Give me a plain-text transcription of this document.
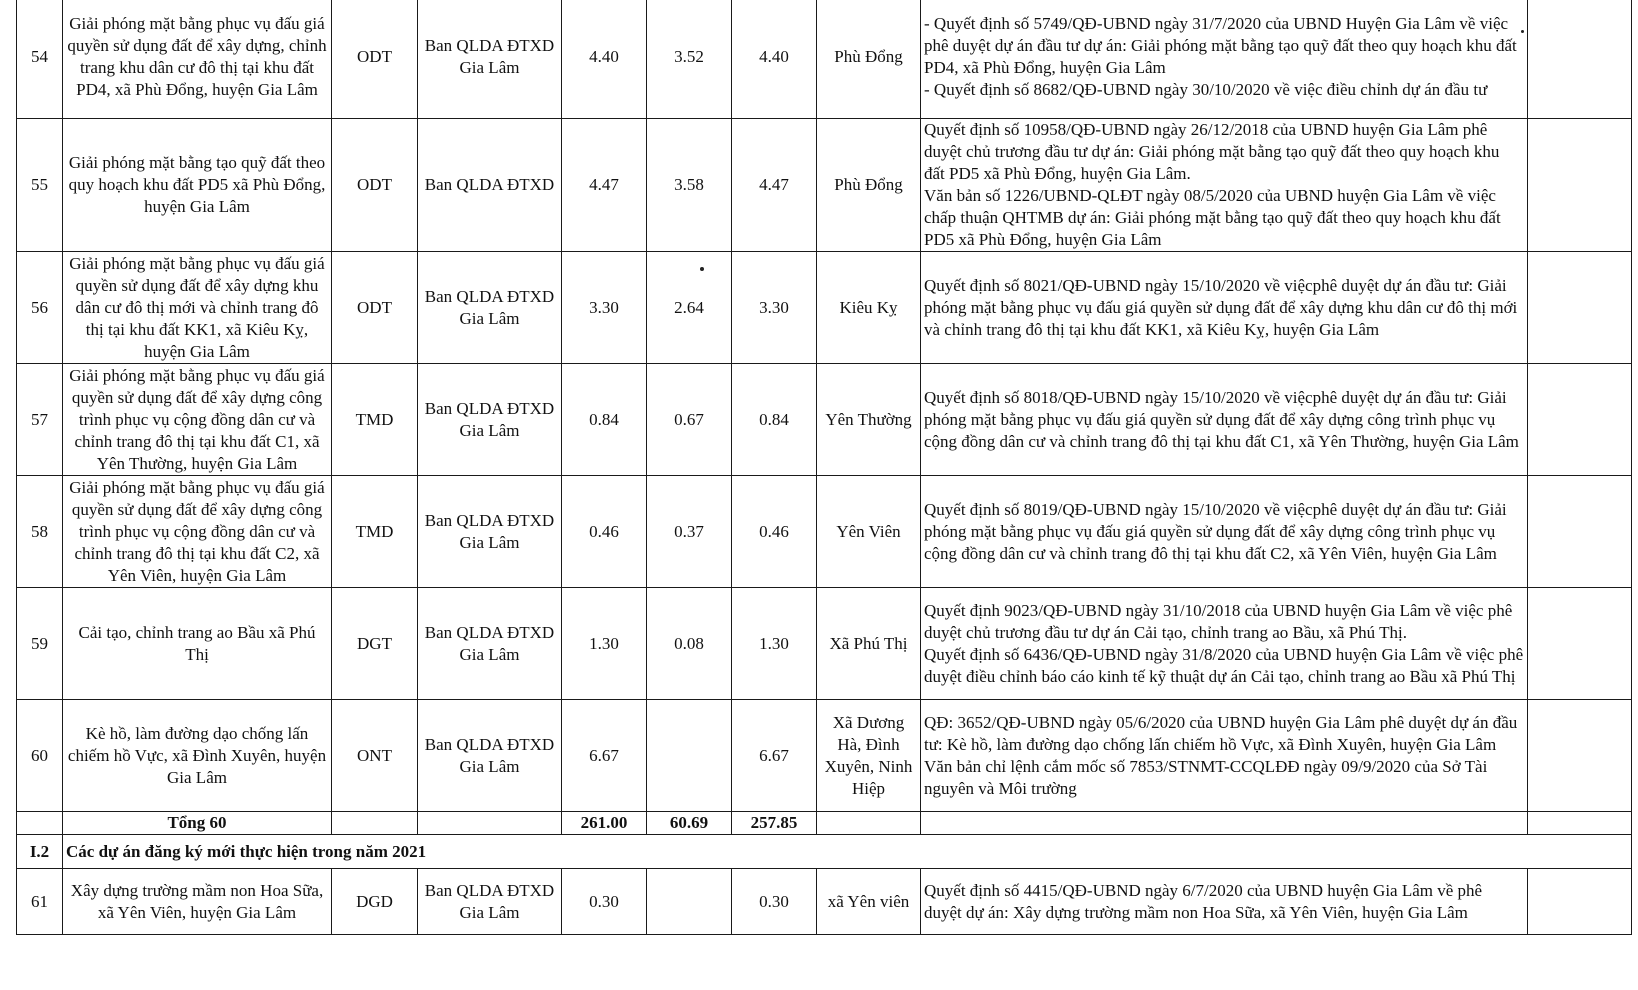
54	Giải phóng mặt bằng phục vụ đấu giá quyền sử dụng đất để xây dựng, chỉnh trang khu dân cư đô thị tại khu đất PD4, xã Phù Đổng, huyện Gia Lâm	ODT	Ban QLDA ĐTXD Gia Lâm	4.40	3.52	4.40	Phù Đổng	- Quyết định số 5749/QĐ-UBND ngày 31/7/2020 của UBND Huyện Gia Lâm về việc phê duyệt dự án đầu tư dự án: Giải phóng mặt bằng tạo quỹ đất theo quy hoạch khu đất PD4, xã Phù Đổng, huyện Gia Lâm
- Quyết định số 8682/QĐ-UBND ngày 30/10/2020 về việc điều chỉnh dự án đầu tư	

55	Giải phóng mặt bằng tạo quỹ đất theo quy hoạch khu đất PD5 xã Phù Đổng, huyện Gia Lâm	ODT	Ban QLDA ĐTXD	4.47	3.58	4.47	Phù Đổng	Quyết định số 10958/QĐ-UBND ngày 26/12/2018 của UBND huyện Gia Lâm phê duyệt chủ trương đầu tư dự án: Giải phóng mặt bằng tạo quỹ đất theo quy hoạch khu đất PD5 xã Phù Đổng, huyện Gia Lâm.
Văn bản số 1226/UBND-QLĐT ngày 08/5/2020 của UBND huyện Gia Lâm về việc chấp thuận QHTMB dự án: Giải phóng mặt bằng tạo quỹ đất theo quy hoạch khu đất PD5 xã Phù Đổng, huyện Gia Lâm	

56	Giải phóng mặt bằng phục vụ đấu giá quyền sử dụng đất để xây dựng khu dân cư đô thị mới và chỉnh trang đô thị tại khu đất KK1, xã Kiêu Kỵ, huyện Gia Lâm	ODT	Ban QLDA ĐTXD Gia Lâm	3.30	2.64	3.30	Kiêu Kỵ	Quyết định số 8021/QĐ-UBND ngày 15/10/2020 về việcphê duyệt dự án đầu tư: Giải phóng mặt bằng phục vụ đấu giá quyền sử dụng đất để xây dựng khu dân cư đô thị mới và chỉnh trang đô thị tại khu đất KK1, xã Kiêu Kỵ, huyện Gia Lâm	

57	Giải phóng mặt bằng phục vụ đấu giá quyền sử dụng đất để xây dựng công trình phục vụ cộng đồng dân cư và chỉnh trang đô thị tại khu đất C1, xã Yên Thường, huyện Gia Lâm	TMD	Ban QLDA ĐTXD Gia Lâm	0.84	0.67	0.84	Yên Thường	Quyết định số 8018/QĐ-UBND ngày 15/10/2020 về việcphê duyệt dự án đầu tư: Giải phóng mặt bằng phục vụ đấu giá quyền sử dụng đất để xây dựng công trình phục vụ cộng đồng dân cư và chỉnh trang đô thị tại khu đất C1, xã Yên Thường, huyện Gia Lâm	

58	Giải phóng mặt bằng phục vụ đấu giá quyền sử dụng đất để xây dựng công trình phục vụ cộng đồng dân cư và chỉnh trang đô thị tại khu đất C2, xã Yên Viên, huyện Gia Lâm	TMD	Ban QLDA ĐTXD Gia Lâm	0.46	0.37	0.46	Yên Viên	Quyết định số 8019/QĐ-UBND ngày 15/10/2020 về việcphê duyệt dự án đầu tư: Giải phóng mặt bằng phục vụ đấu giá quyền sử dụng đất để xây dựng công trình phục vụ cộng đồng dân cư và chỉnh trang đô thị tại khu đất C2, xã Yên Viên, huyện Gia Lâm	

59	Cải tạo, chỉnh trang ao Bầu xã Phú Thị	DGT	Ban QLDA ĐTXD Gia Lâm	1.30	0.08	1.30	Xã Phú Thị	Quyết định 9023/QĐ-UBND ngày 31/10/2018 của UBND huyện Gia Lâm về việc phê duyệt chủ trương đầu tư dự án Cải tạo, chỉnh trang ao Bầu, xã Phú Thị.
Quyết định số 6436/QĐ-UBND ngày 31/8/2020 của UBND huyện Gia Lâm về việc phê duyệt điều chỉnh báo cáo kinh tế kỹ thuật dự án Cải tạo, chỉnh trang ao Bầu xã Phú Thị	

60	Kè hồ, làm đường dạo chống lấn chiếm hồ Vực, xã Đình Xuyên, huyện Gia Lâm	ONT	Ban QLDA ĐTXD Gia Lâm	6.67		6.67	Xã Dương Hà, Đình Xuyên, Ninh Hiệp	QĐ: 3652/QĐ-UBND ngày 05/6/2020 của UBND huyện Gia Lâm phê duyệt dự án đầu tư: Kè hồ, làm đường dạo chống lấn chiếm hồ Vực, xã Đình Xuyên, huyện Gia Lâm
Văn bản chỉ lệnh cắm mốc số 7853/STNMT-CCQLĐĐ ngày 09/9/2020 của Sở Tài nguyên và Môi trường	

	Tổng 60			261.00	60.69	257.85			
I.2	Các dự án đăng ký mới thực hiện trong năm 2021								
61	Xây dựng trường mầm non Hoa Sữa, xã Yên Viên, huyện Gia Lâm	DGD	Ban QLDA ĐTXD Gia Lâm	0.30		0.30	xã Yên viên	Quyết định số 4415/QĐ-UBND ngày 6/7/2020 của UBND huyện Gia Lâm về phê duyệt dự án: Xây dựng trường mầm non Hoa Sữa, xã Yên Viên, huyện Gia Lâm	
